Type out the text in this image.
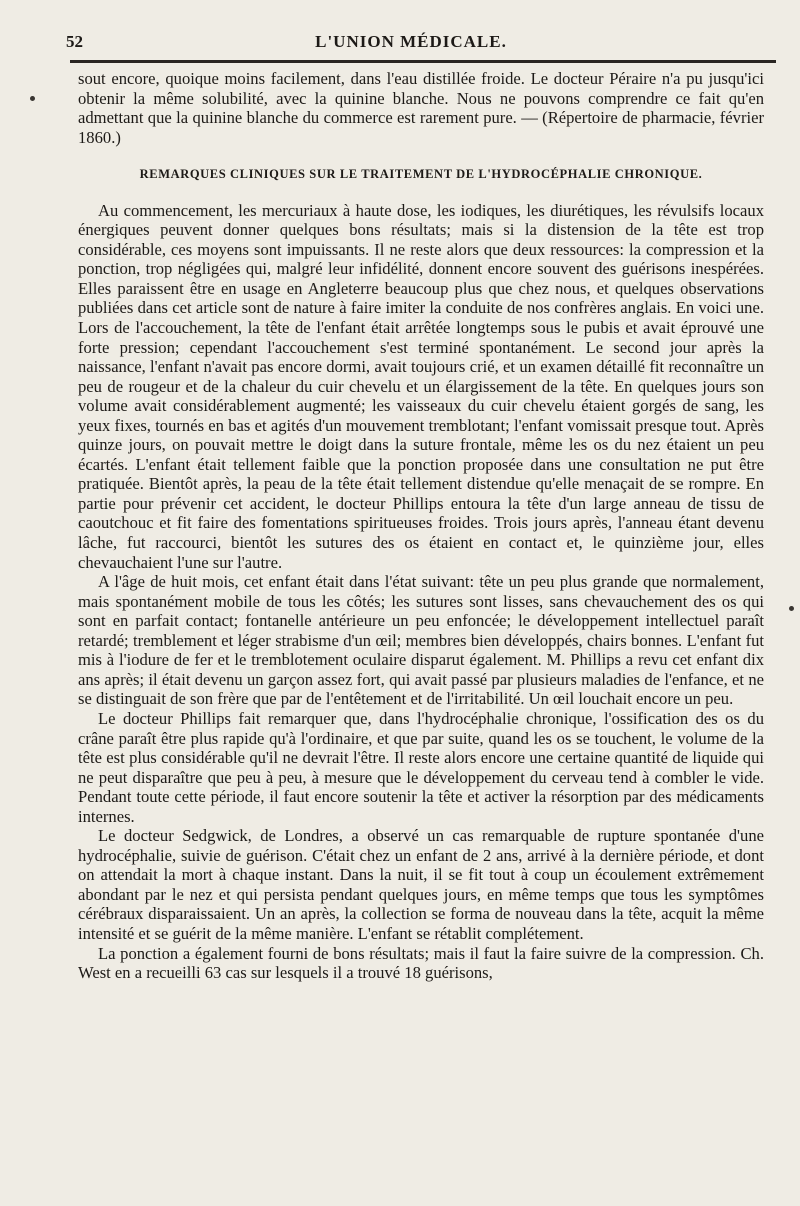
52	L'UNION MÉDICALE.

sout encore, quoique moins facilement, dans l'eau distillée froide. Le docteur Péraire n'a pu jusqu'ici obtenir la même solubilité, avec la quinine blanche. Nous ne pouvons comprendre ce fait qu'en admettant que la quinine blanche du commerce est rarement pure. — (Répertoire de pharmacie, février 1860.)

REMARQUES CLINIQUES SUR LE TRAITEMENT DE L'HYDROCÉPHALIE CHRONIQUE.

Au commencement, les mercuriaux à haute dose, les iodiques, les diurétiques, les révulsifs locaux énergiques peuvent donner quelques bons résultats; mais si la distension de la tête est trop considérable, ces moyens sont impuissants. Il ne reste alors que deux ressources: la compression et la ponction, trop négligées qui, malgré leur infidélité, donnent encore souvent des guérisons inespérées. Elles paraissent être en usage en Angleterre beaucoup plus que chez nous, et quelques observations publiées dans cet article sont de nature à faire imiter la conduite de nos confrères anglais. En voici une. Lors de l'accouchement, la tête de l'enfant était arrêtée longtemps sous le pubis et avait éprouvé une forte pression; cependant l'accouchement s'est terminé spontanément. Le second jour après la naissance, l'enfant n'avait pas encore dormi, avait toujours crié, et un examen détaillé fit reconnaître un peu de rougeur et de la chaleur du cuir chevelu et un élargissement de la tête. En quelques jours son volume avait considérablement augmenté; les vaisseaux du cuir chevelu étaient gorgés de sang, les yeux fixes, tournés en bas et agités d'un mouvement tremblotant; l'enfant vomissait presque tout. Après quinze jours, on pouvait mettre le doigt dans la suture frontale, même les os du nez étaient un peu écartés. L'enfant était tellement faible que la ponction proposée dans une consultation ne put être pratiquée. Bientôt après, la peau de la tête était tellement distendue qu'elle menaçait de se rompre. En partie pour prévenir cet accident, le docteur Phillips entoura la tête d'un large anneau de tissu de caoutchouc et fit faire des fomentations spiritueuses froides. Trois jours après, l'anneau étant devenu lâche, fut raccourci, bientôt les sutures des os étaient en contact et, le quinzième jour, elles chevauchaient l'une sur l'autre.

A l'âge de huit mois, cet enfant était dans l'état suivant: tête un peu plus grande que normalement, mais spontanément mobile de tous les côtés; les sutures sont lisses, sans chevauchement des os qui sont en parfait contact; fontanelle antérieure un peu enfoncée; le développement intellectuel paraît retardé; tremblement et léger strabisme d'un œil; membres bien développés, chairs bonnes. L'enfant fut mis à l'iodure de fer et le tremblotement oculaire disparut également. M. Phillips a revu cet enfant dix ans après; il était devenu un garçon assez fort, qui avait passé par plusieurs maladies de l'enfance, et ne se distinguait de son frère que par de l'entêtement et de l'irritabilité. Un œil louchait encore un peu.

Le docteur Phillips fait remarquer que, dans l'hydrocéphalie chronique, l'ossification des os du crâne paraît être plus rapide qu'à l'ordinaire, et que par suite, quand les os se touchent, le volume de la tête est plus considérable qu'il ne devrait l'être. Il reste alors encore une certaine quantité de liquide qui ne peut disparaître que peu à peu, à mesure que le développement du cerveau tend à combler le vide. Pendant toute cette période, il faut encore soutenir la tête et activer la résorption par des médicaments internes.

Le docteur Sedgwick, de Londres, a observé un cas remarquable de rupture spontanée d'une hydrocéphalie, suivie de guérison. C'était chez un enfant de 2 ans, arrivé à la dernière période, et dont on attendait la mort à chaque instant. Dans la nuit, il se fit tout à coup un écoulement extrêmement abondant par le nez et qui persista pendant quelques jours, en même temps que tous les symptômes cérébraux disparaissaient. Un an après, la collection se forma de nouveau dans la tête, acquit la même intensité et se guérit de la même manière. L'enfant se rétablit complétement.

La ponction a également fourni de bons résultats; mais il faut la faire suivre de la compression. Ch. West en a recueilli 63 cas sur lesquels il a trouvé 18 guérisons,
